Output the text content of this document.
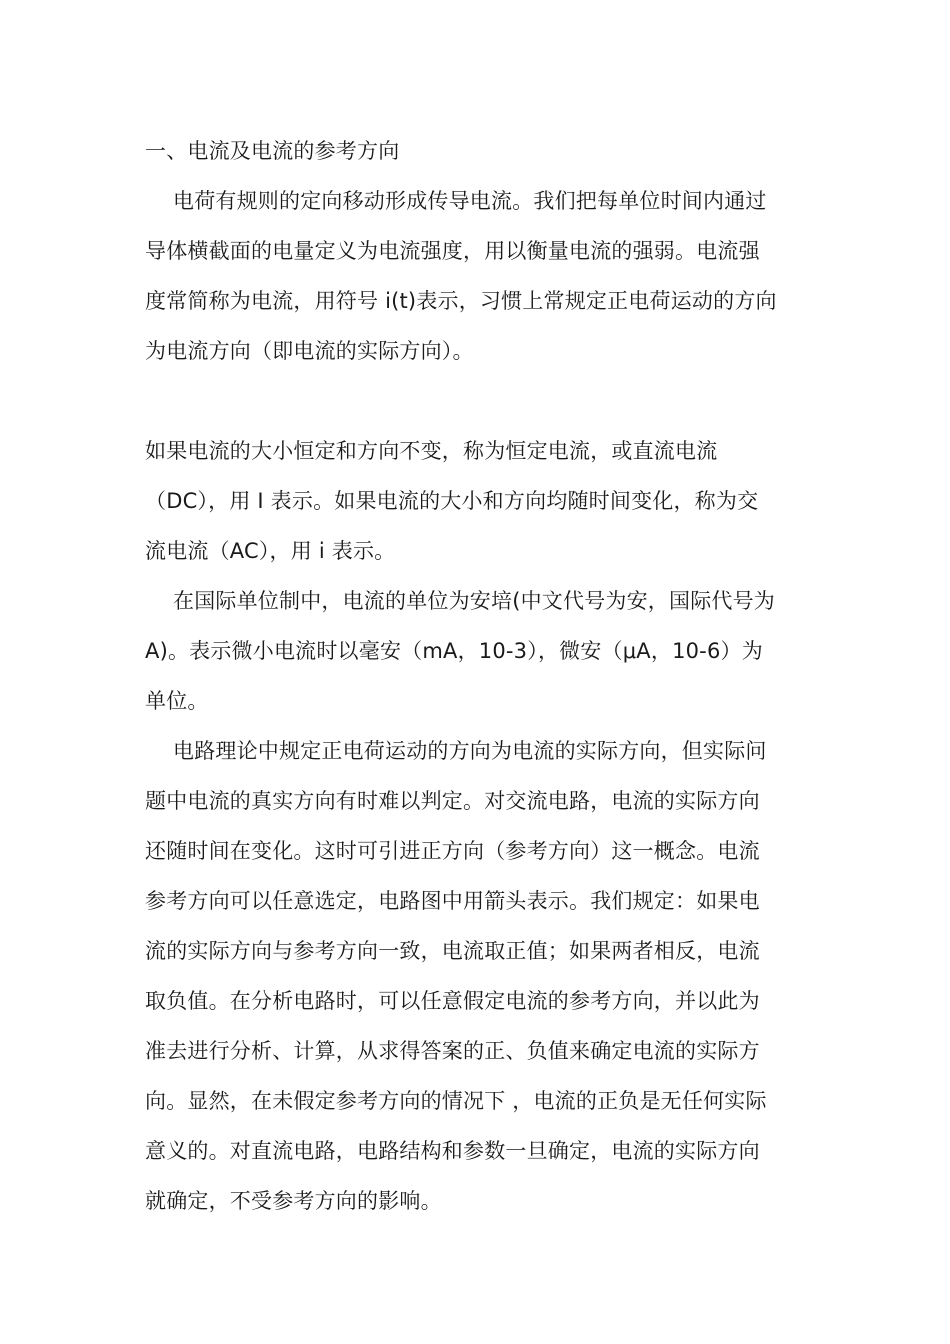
一、电流及电流的参考方向
电荷有规则的定向移动形成传导电流。我们把每单位时间内通过
导体横截面的电量定义为电流强度，用以衡量电流的强弱。电流强
度常简称为电流，用符号 i(t)表示，习惯上常规定正电荷运动的方向
为电流方向（即电流的实际方向）。
如果电流的大小恒定和方向不变，称为恒定电流，或直流电流
（DC），用 I 表示。如果电流的大小和方向均随时间变化，称为交
流电流（AC），用 i 表示。
在国际单位制中，电流的单位为安培(中文代号为安，国际代号为
A)。表示微小电流时以毫安（mA，10-3），微安（μA，10-6）为
单位。
电路理论中规定正电荷运动的方向为电流的实际方向，但实际问
题中电流的真实方向有时难以判定。对交流电路，电流的实际方向
还随时间在变化。这时可引进正方向（参考方向）这一概念。电流
参考方向可以任意选定，电路图中用箭头表示。我们规定：如果电
流的实际方向与参考方向一致，电流取正值；如果两者相反，电流
取负值。在分析电路时，可以任意假定电流的参考方向，并以此为
准去进行分析、计算，从求得答案的正、负值来确定电流的实际方
向。显然，在未假定参考方向的情况下 ，电流的正负是无任何实际
意义的。对直流电路，电路结构和参数一旦确定，电流的实际方向
就确定，不受参考方向的影响。
